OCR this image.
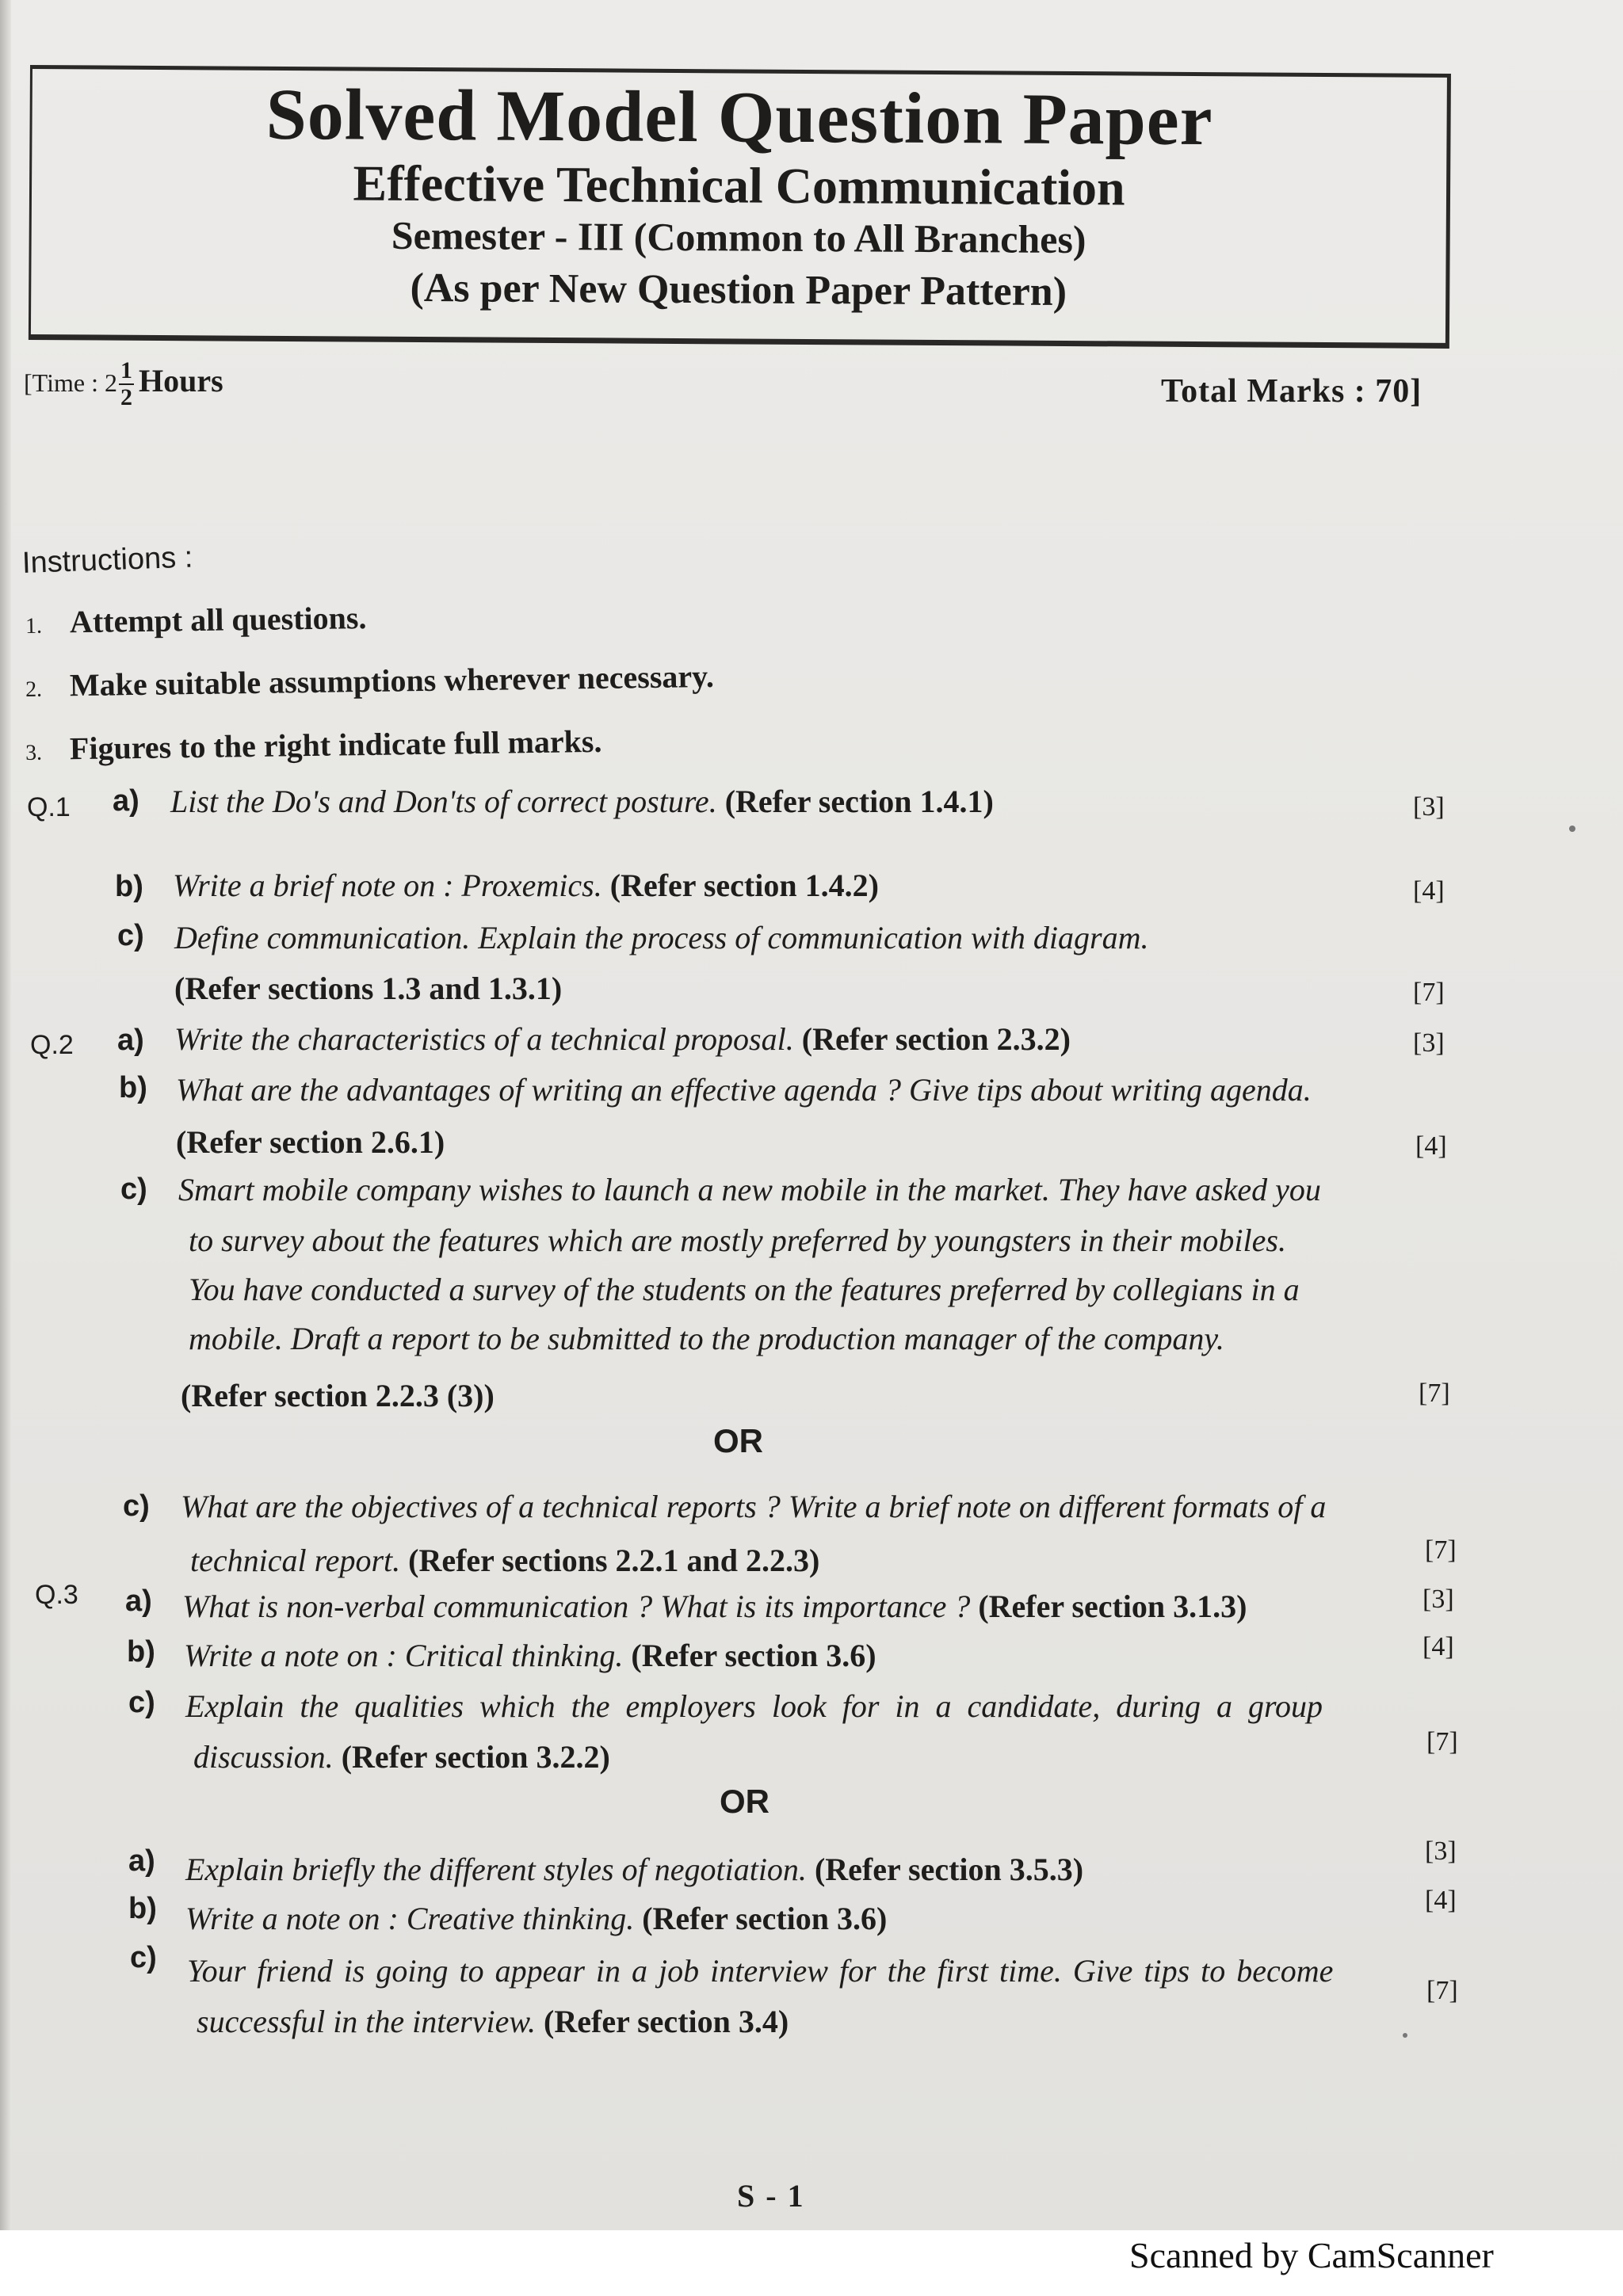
Solved Model Question Paper
Effective Technical Communication
Semester - III (Common to All Branches)
(As per New Question Paper Pattern)
[Time : $2 \frac{1}{2}$ Hours	Total Marks : 70]
Instructions :
1. Attempt all questions.
2. Make suitable assumptions wherever necessary.
3. Figures to the right indicate full marks.
Q.1 a) List the Do's and Don'ts of correct posture. (Refer section 1.4.1)	[3]
b) Write a brief note on : Proxemics. (Refer section 1.4.2)	[4]
c) Define communication. Explain the process of communication with diagram.
(Refer sections 1.3 and 1.3.1)	[7]
Q.2 a) Write the characteristics of a technical proposal. (Refer section 2.3.2)	[3]
b) What are the advantages of writing an effective agenda ? Give tips about writing agenda.
(Refer section 2.6.1)	[4]
c) Smart mobile company wishes to launch a new mobile in the market. They have asked you
to survey about the features which are mostly preferred by youngsters in their mobiles.
You have conducted a survey of the students on the features preferred by collegians in a
mobile. Draft a report to be submitted to the production manager of the company.
(Refer section 2.2.3 (3))	[7]
OR
c) What are the objectives of a technical reports ? Write a brief note on different formats of a
technical report. (Refer sections 2.2.1 and 2.2.3)	[7]
Q.3 a) What is non-verbal communication ? What is its importance ? (Refer section 3.1.3)	[3]
b) Write a note on : Critical thinking. (Refer section 3.6)	[4]
c) Explain the qualities which the employers look for in a candidate, during a group
discussion. (Refer section 3.2.2)	[7]
OR
a) Explain briefly the different styles of negotiation. (Refer section 3.5.3)
[3]
b) Write a note on : Creative thinking. (Refer section 3.6)
[4]
c) Your friend is going to appear in a job interview for the first time. Give tips to become
successful in the interview. (Refer section 3.4)
[7]
S - 1
Scanned by CamScanner
